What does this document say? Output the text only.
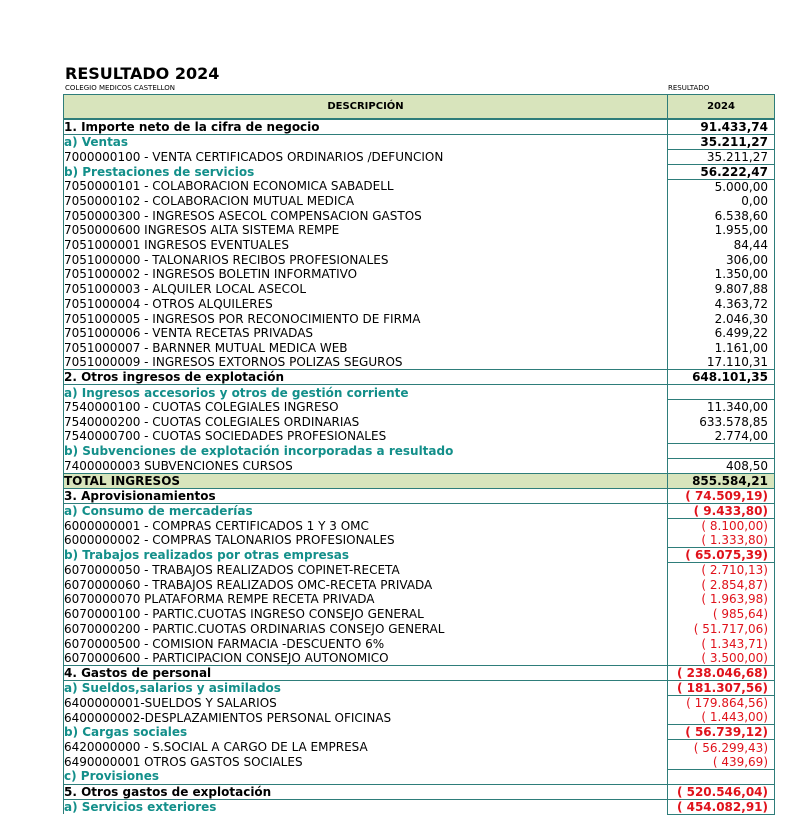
RESULTADO 2024
COLEGIO MEDICOS CASTELLON	RESULTADO
DESCRIPCIÓN	2024
1. Importe neto de la cifra de negocio	91.433,74
a) Ventas	35.211,27
7000000100 - VENTA CERTIFICADOS ORDINARIOS /DEFUNCION	35.211,27
b) Prestaciones de servicios	56.222,47
7050000101 - COLABORACION ECONOMICA SABADELL	5.000,00
7050000102 - COLABORACION MUTUAL MEDICA	0,00
7050000300 - INGRESOS ASECOL COMPENSACION GASTOS	6.538,60
7050000600 INGRESOS ALTA SISTEMA REMPE	1.955,00
7051000001 INGRESOS EVENTUALES	84,44
7051000000 - TALONARIOS RECIBOS PROFESIONALES	306,00
7051000002 - INGRESOS BOLETIN INFORMATIVO	1.350,00
7051000003 - ALQUILER LOCAL ASECOL	9.807,88
7051000004 - OTROS ALQUILERES	4.363,72
7051000005 - INGRESOS POR RECONOCIMIENTO DE FIRMA	2.046,30
7051000006 - VENTA RECETAS PRIVADAS	6.499,22
7051000007 - BARNNER MUTUAL MEDICA WEB	1.161,00
7051000009 - INGRESOS EXTORNOS POLIZAS SEGUROS	17.110,31
2. Otros ingresos de explotación	648.101,35
a) Ingresos accesorios y otros de gestión corriente	
7540000100 - CUOTAS COLEGIALES INGRESO	11.340,00
7540000200 - CUOTAS COLEGIALES ORDINARIAS	633.578,85
7540000700 - CUOTAS SOCIEDADES PROFESIONALES	2.774,00
b) Subvenciones de explotación incorporadas a resultado	
7400000003 SUBVENCIONES CURSOS	408,50
TOTAL INGRESOS	855.584,21
3. Aprovisionamientos	( 74.509,19)
a) Consumo de mercaderías	( 9.433,80)
6000000001 - COMPRAS CERTIFICADOS 1 Y 3 OMC	( 8.100,00)
6000000002 - COMPRAS TALONARIOS PROFESIONALES	( 1.333,80)
b) Trabajos realizados por otras empresas	( 65.075,39)
6070000050 - TRABAJOS REALIZADOS COPINET-RECETA	( 2.710,13)
6070000060 - TRABAJOS REALIZADOS OMC-RECETA PRIVADA	( 2.854,87)
6070000070 PLATAFORMA REMPE RECETA PRIVADA	( 1.963,98)
6070000100 - PARTIC.CUOTAS INGRESO CONSEJO GENERAL	( 985,64)
6070000200 - PARTIC.CUOTAS ORDINARIAS CONSEJO GENERAL	( 51.717,06)
6070000500 - COMISION FARMACIA -DESCUENTO 6%	( 1.343,71)
6070000600 - PARTICIPACION CONSEJO AUTONOMICO	( 3.500,00)
4. Gastos de personal	( 238.046,68)
a) Sueldos,salarios y asimilados	( 181.307,56)
6400000001-SUELDOS Y SALARIOS	( 179.864,56)
6400000002-DESPLAZAMIENTOS PERSONAL OFICINAS	( 1.443,00)
b) Cargas sociales	( 56.739,12)
6420000000 - S.SOCIAL A CARGO DE LA EMPRESA	( 56.299,43)
6490000001 OTROS GASTOS SOCIALES	( 439,69)
c) Provisiones	
5. Otros gastos de explotación	( 520.546,04)
a) Servicios exteriores	( 454.082,91)
